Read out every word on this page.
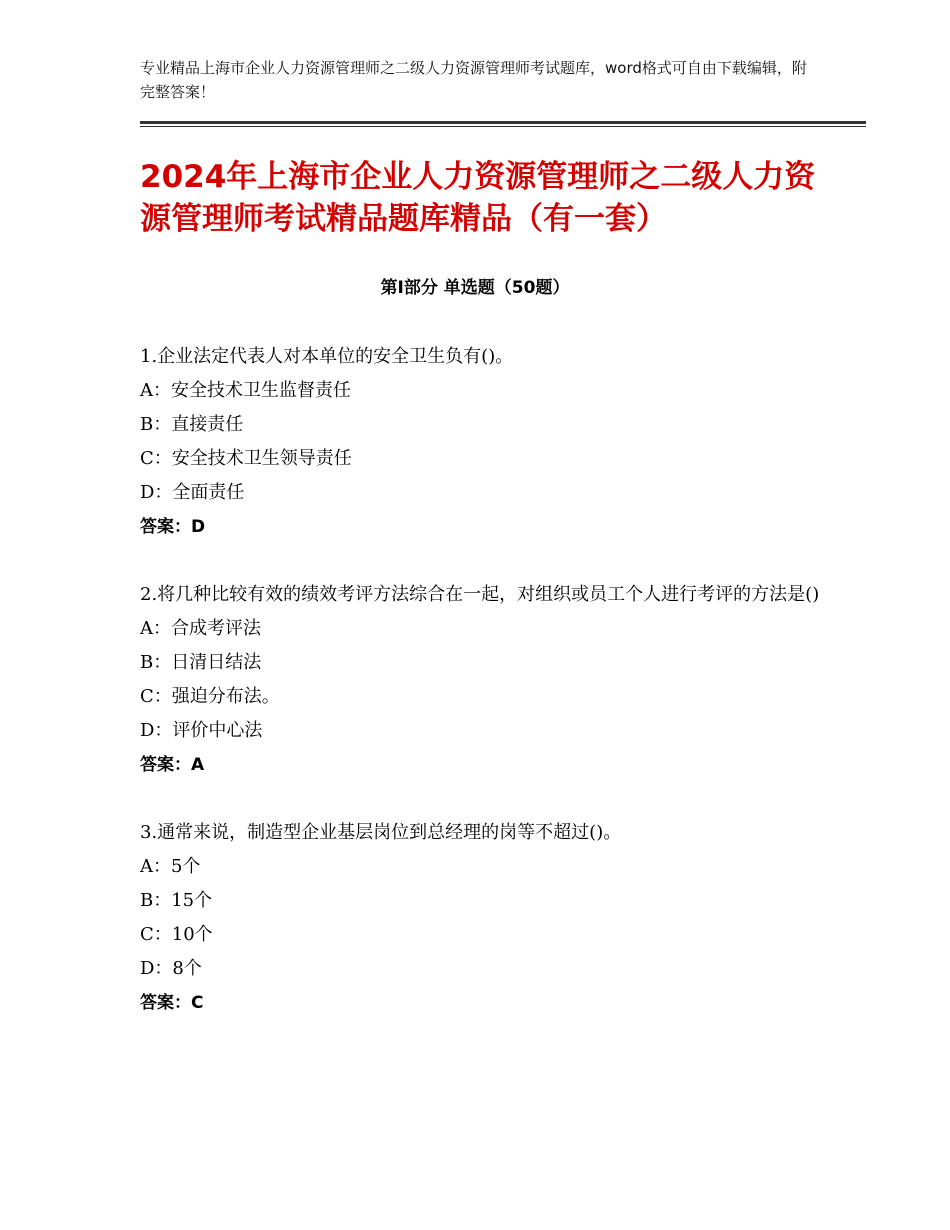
专业精品上海市企业人力资源管理师之二级人力资源管理师考试题库，word格式可自由下载编辑，附完整答案！
2024年上海市企业人力资源管理师之二级人力资源管理师考试精品题库精品（有一套）
第Ⅰ部分 单选题（50题）

1.企业法定代表人对本单位的安全卫生负有()。

A：安全技术卫生监督责任

B：直接责任

C：安全技术卫生领导责任

D：全面责任

答案：D

2.将几种比较有效的绩效考评方法综合在一起，对组织或员工个人进行考评的方法是()

A：合成考评法

B：日清日结法

C：强迫分布法。

D：评价中心法

答案：A

3.通常来说，制造型企业基层岗位到总经理的岗等不超过()。

A：5个

B：15个

C：10个

D：8个

答案：C
